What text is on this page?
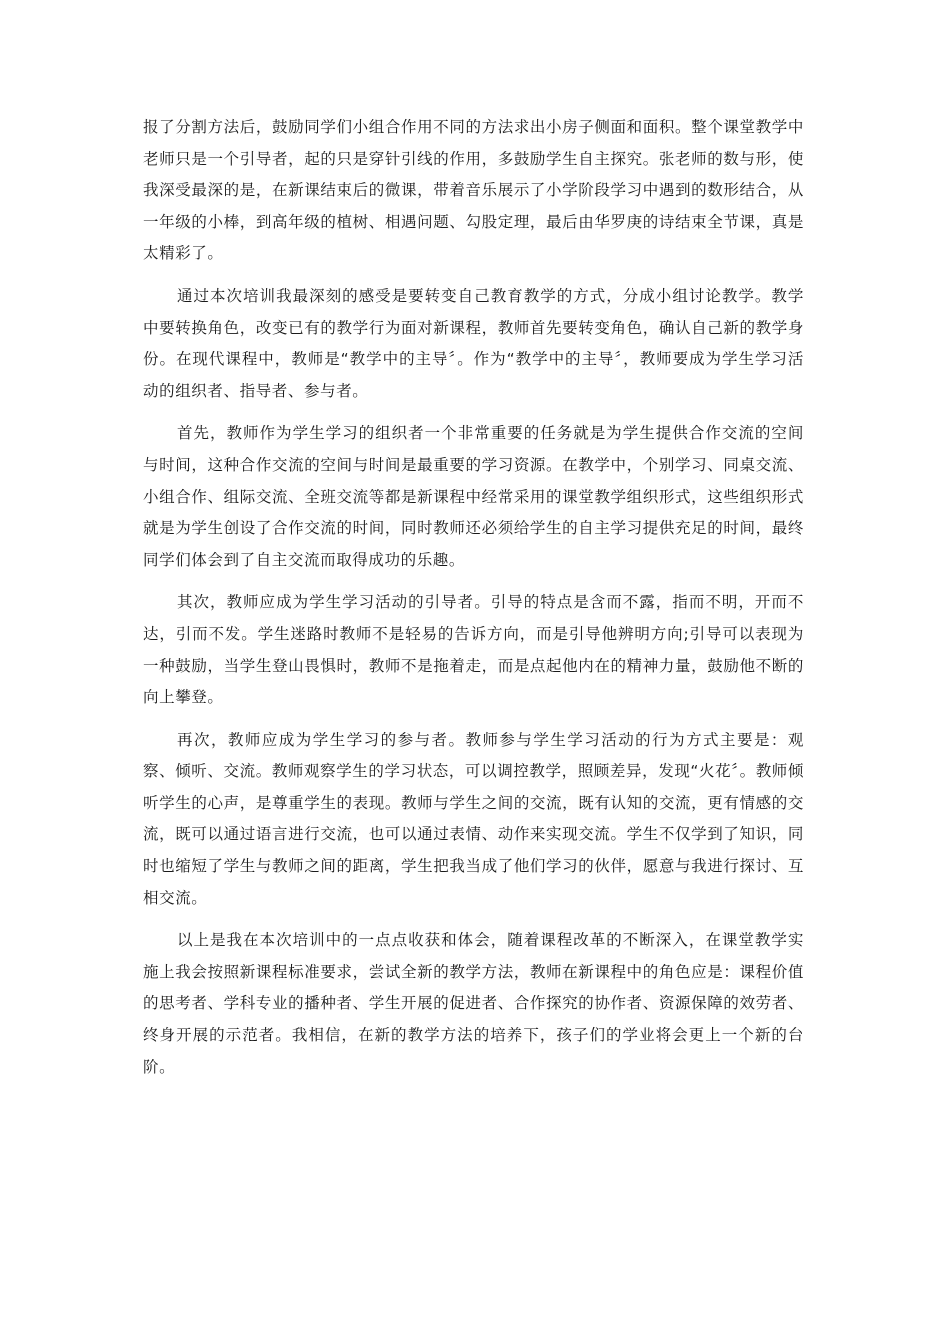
报了分割方法后，鼓励同学们小组合作用不同的方法求出小房子侧面和面积。整个课堂教学中老师只是一个引导者，起的只是穿针引线的作用，多鼓励学生自主探究。张老师的数与形，使我深受最深的是，在新课结束后的微课，带着音乐展示了小学阶段学习中遇到的数形结合，从一年级的小棒，到高年级的植树、相遇问题、勾股定理，最后由华罗庚的诗结束全节课，真是太精彩了。

通过本次培训我最深刻的感受是要转变自己教育教学的方式，分成小组讨论教学。教学中要转换角色，改变已有的教学行为面对新课程，教师首先要转变角色，确认自己新的教学身份。在现代课程中，教师是“教学中的主导〞。作为“教学中的主导〞，教师要成为学生学习活动的组织者、指导者、参与者。

首先，教师作为学生学习的组织者一个非常重要的任务就是为学生提供合作交流的空间与时间，这种合作交流的空间与时间是最重要的学习资源。在教学中，个别学习、同桌交流、小组合作、组际交流、全班交流等都是新课程中经常采用的课堂教学组织形式，这些组织形式就是为学生创设了合作交流的时间，同时教师还必须给学生的自主学习提供充足的时间，最终同学们体会到了自主交流而取得成功的乐趣。

其次，教师应成为学生学习活动的引导者。引导的特点是含而不露，指而不明，开而不达，引而不发。学生迷路时教师不是轻易的告诉方向，而是引导他辨明方向;引导可以表现为一种鼓励，当学生登山畏惧时，教师不是拖着走，而是点起他内在的精神力量，鼓励他不断的向上攀登。

再次，教师应成为学生学习的参与者。教师参与学生学习活动的行为方式主要是：观察、倾听、交流。教师观察学生的学习状态，可以调控教学，照顾差异，发现“火花〞。教师倾听学生的心声，是尊重学生的表现。教师与学生之间的交流，既有认知的交流，更有情感的交流，既可以通过语言进行交流，也可以通过表情、动作来实现交流。学生不仅学到了知识，同时也缩短了学生与教师之间的距离，学生把我当成了他们学习的伙伴，愿意与我进行探讨、互相交流。

以上是我在本次培训中的一点点收获和体会，随着课程改革的不断深入，在课堂教学实施上我会按照新课程标准要求，尝试全新的教学方法，教师在新课程中的角色应是：课程价值的思考者、学科专业的播种者、学生开展的促进者、合作探究的协作者、资源保障的效劳者、终身开展的示范者。我相信，在新的教学方法的培养下，孩子们的学业将会更上一个新的台阶。
